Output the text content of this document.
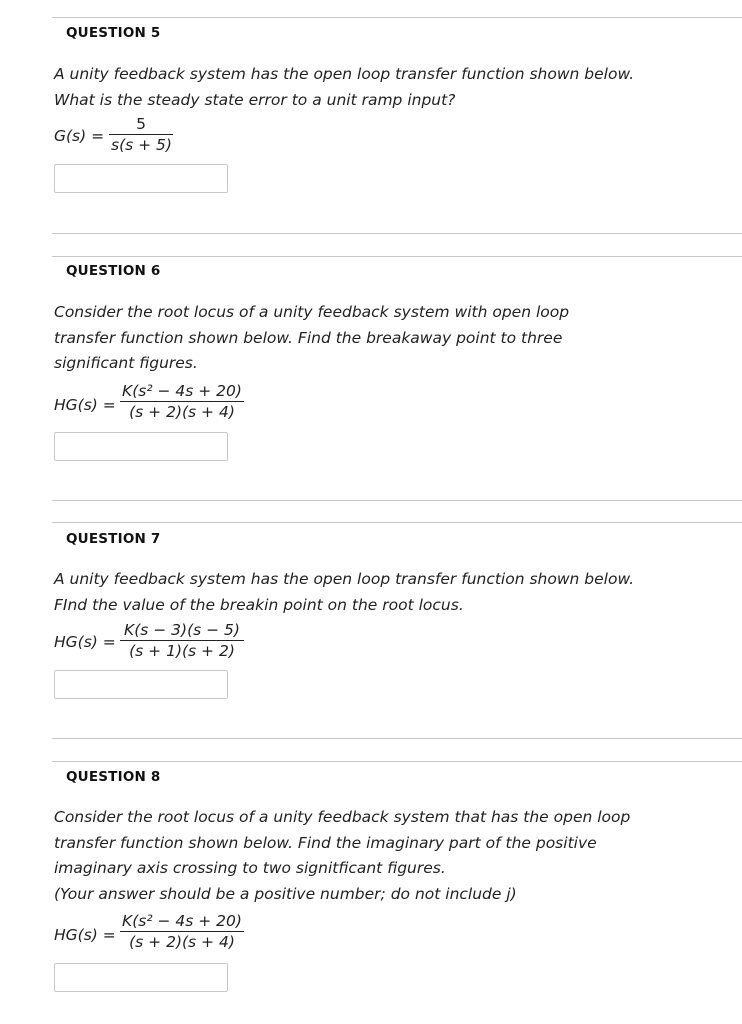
QUESTION 5
A unity feedback system has the open loop transfer function shown below.
What is the steady state error to a unit ramp input?
G(s) =
5
s(s + 5)
QUESTION 6
Consider the root locus of a unity feedback system with open loop
transfer function shown below. Find the breakaway point to three
significant figures.
HG(s) =
K(s² − 4s + 20)
(s + 2)(s + 4)
QUESTION 7
A unity feedback system has the open loop transfer function shown below.
FInd the value of the breakin point on the root locus.
HG(s) =
K(s − 3)(s − 5)
(s + 1)(s + 2)
QUESTION 8
Consider the root locus of a unity feedback system that has the open loop
transfer function shown below. Find the imaginary part of the positive
imaginary axis crossing to two signitficant figures.
(Your answer should be a positive number; do not include j)
HG(s) =
K(s² − 4s + 20)
(s + 2)(s + 4)
